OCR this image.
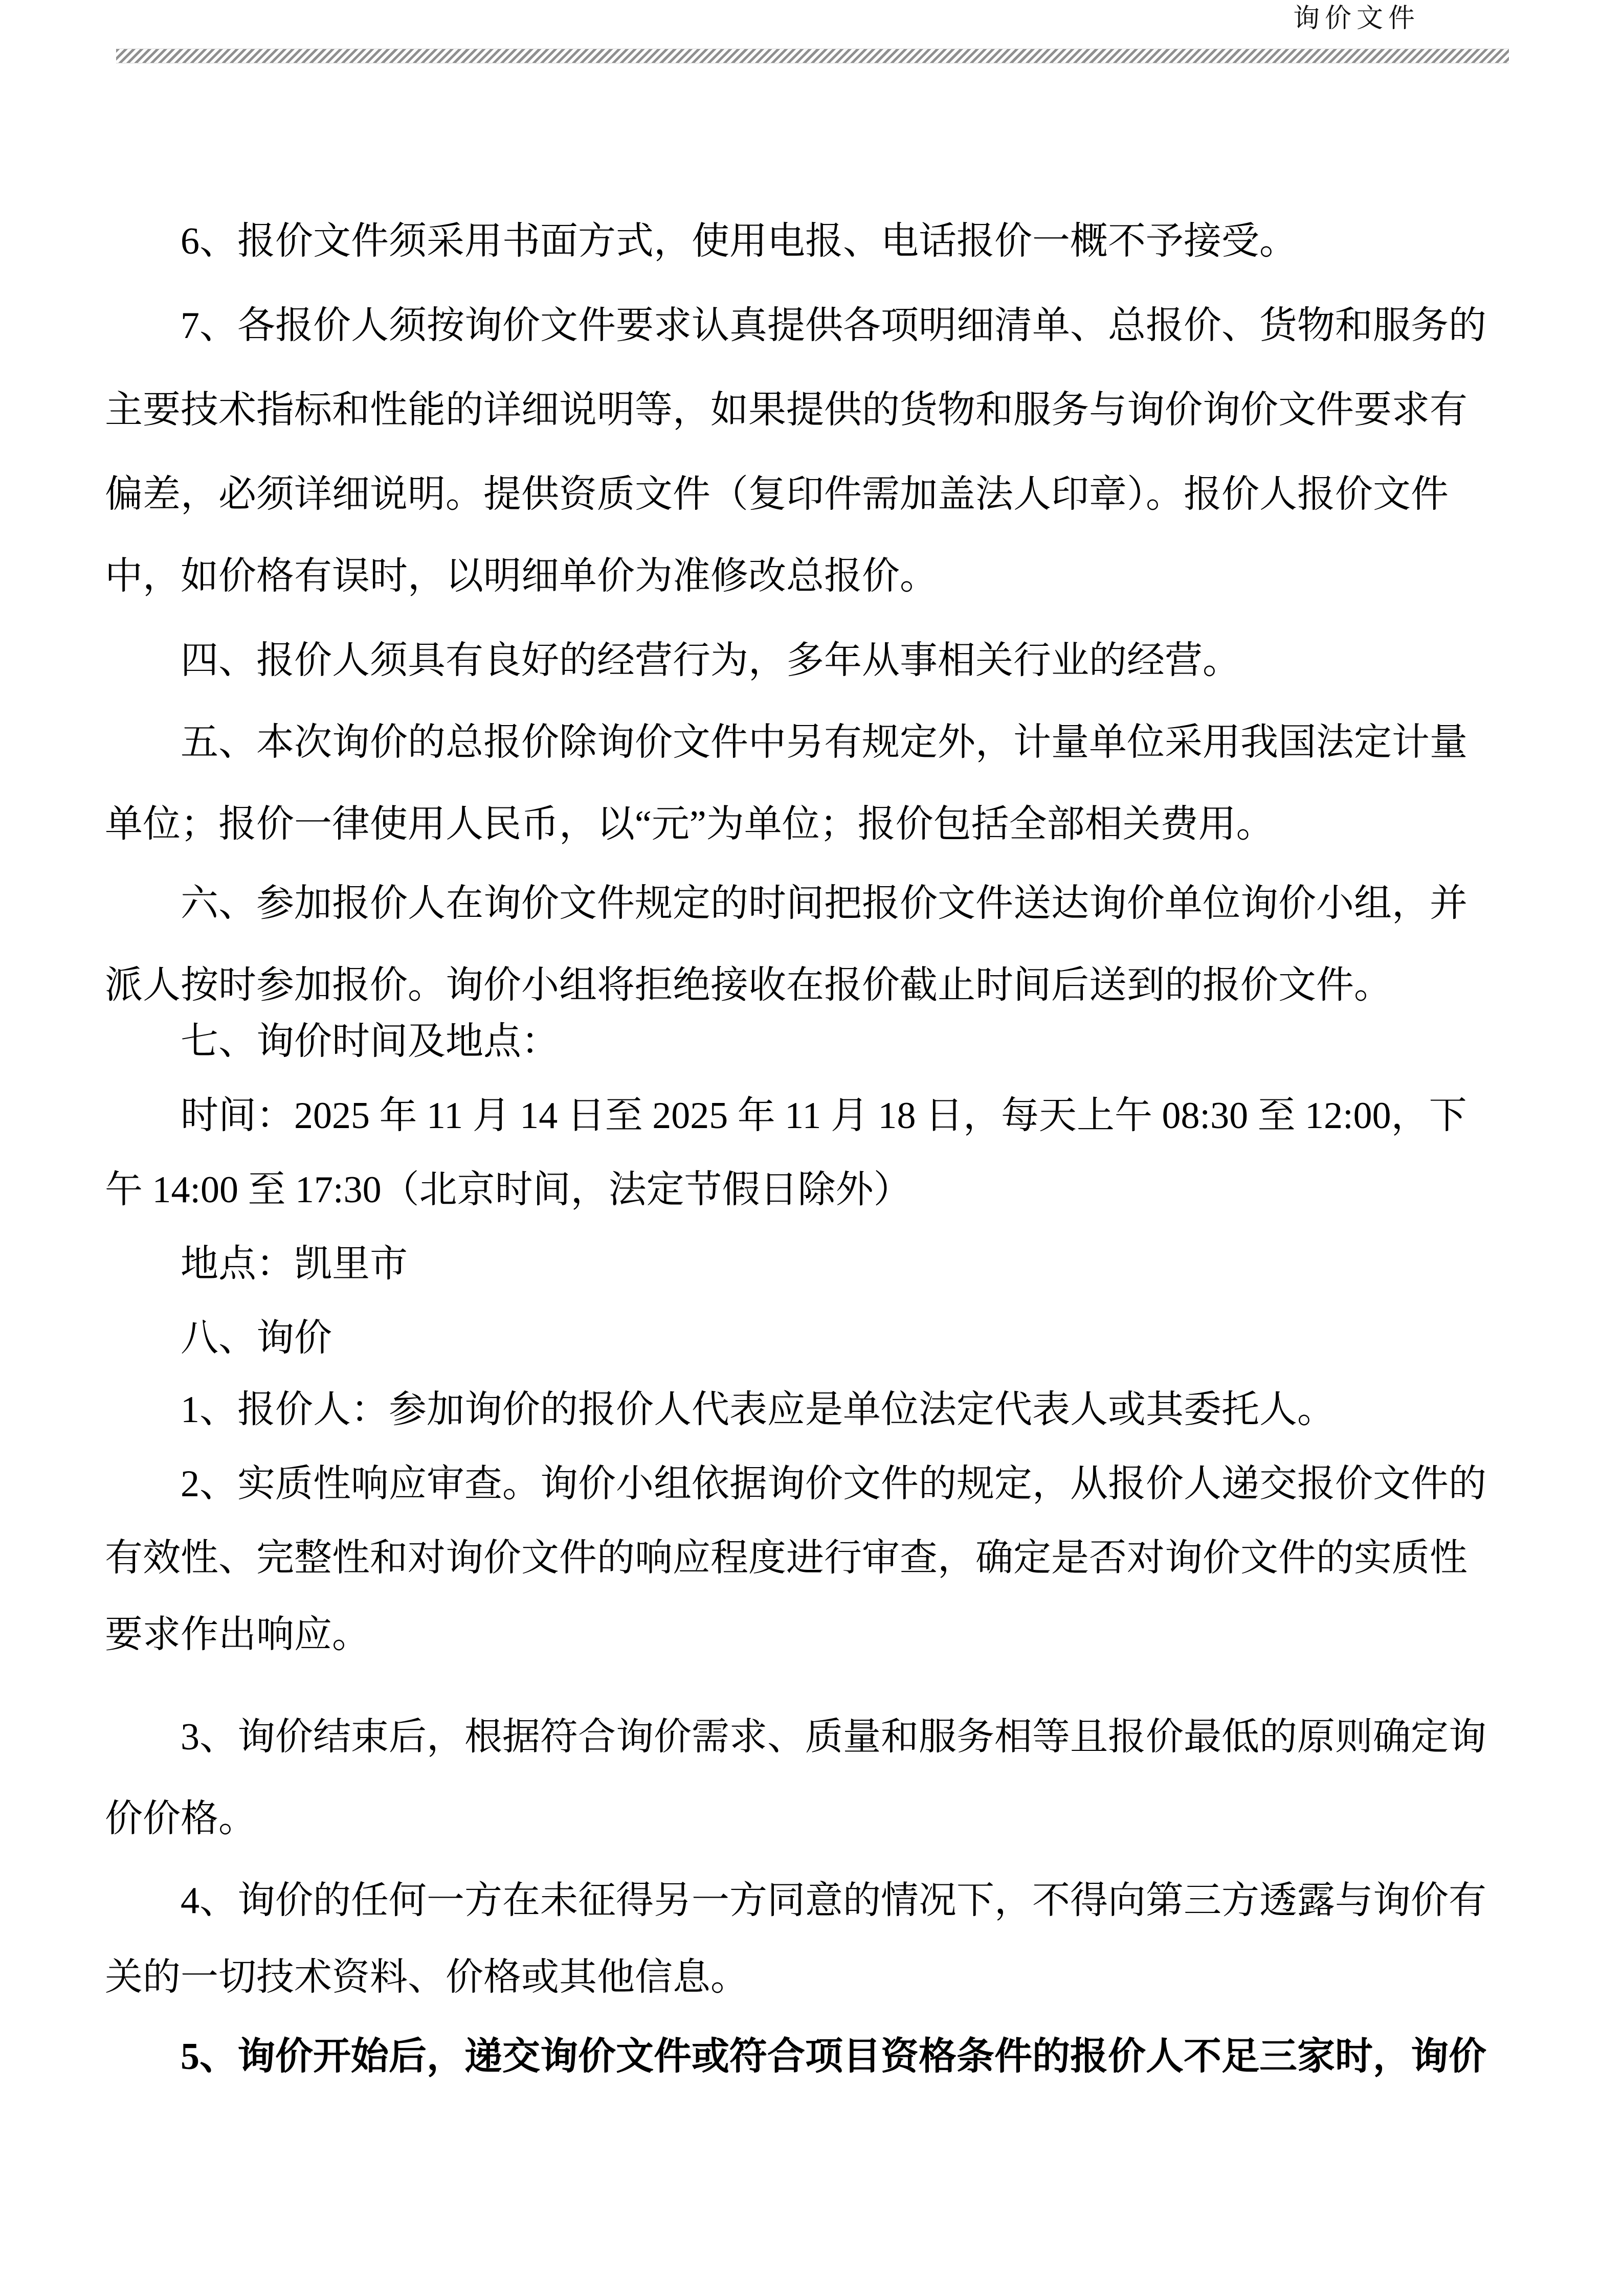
询价文件
6、报价文件须采用书面方式，使用电报、电话报价一概不予接受。
7、各报价人须按询价文件要求认真提供各项明细清单、总报价、货物和服务的
主要技术指标和性能的详细说明等，如果提供的货物和服务与询价询价文件要求有
偏差，必须详细说明。提供资质文件（复印件需加盖法人印章）。报价人报价文件
中，如价格有误时，以明细单价为准修改总报价。
四、报价人须具有良好的经营行为，多年从事相关行业的经营。
五、本次询价的总报价除询价文件中另有规定外，计量单位采用我国法定计量
单位；报价一律使用人民币，以“元”为单位；报价包括全部相关费用。
六、参加报价人在询价文件规定的时间把报价文件送达询价单位询价小组，并
派人按时参加报价。询价小组将拒绝接收在报价截止时间后送到的报价文件。
七、询价时间及地点：
时间：2025 年 11 月 14 日至 2025 年 11 月 18 日，每天上午 08:30 至 12:00，下
午 14:00 至 17:30（北京时间，法定节假日除外）
地点：凯里市
八、询价
1、报价人：参加询价的报价人代表应是单位法定代表人或其委托人。
2、实质性响应审查。询价小组依据询价文件的规定，从报价人递交报价文件的
有效性、完整性和对询价文件的响应程度进行审查，确定是否对询价文件的实质性
要求作出响应。
3、询价结束后，根据符合询价需求、质量和服务相等且报价最低的原则确定询
价价格。
4、询价的任何一方在未征得另一方同意的情况下，不得向第三方透露与询价有
关的一切技术资料、价格或其他信息。
5、询价开始后，递交询价文件或符合项目资格条件的报价人不足三家时，询价
